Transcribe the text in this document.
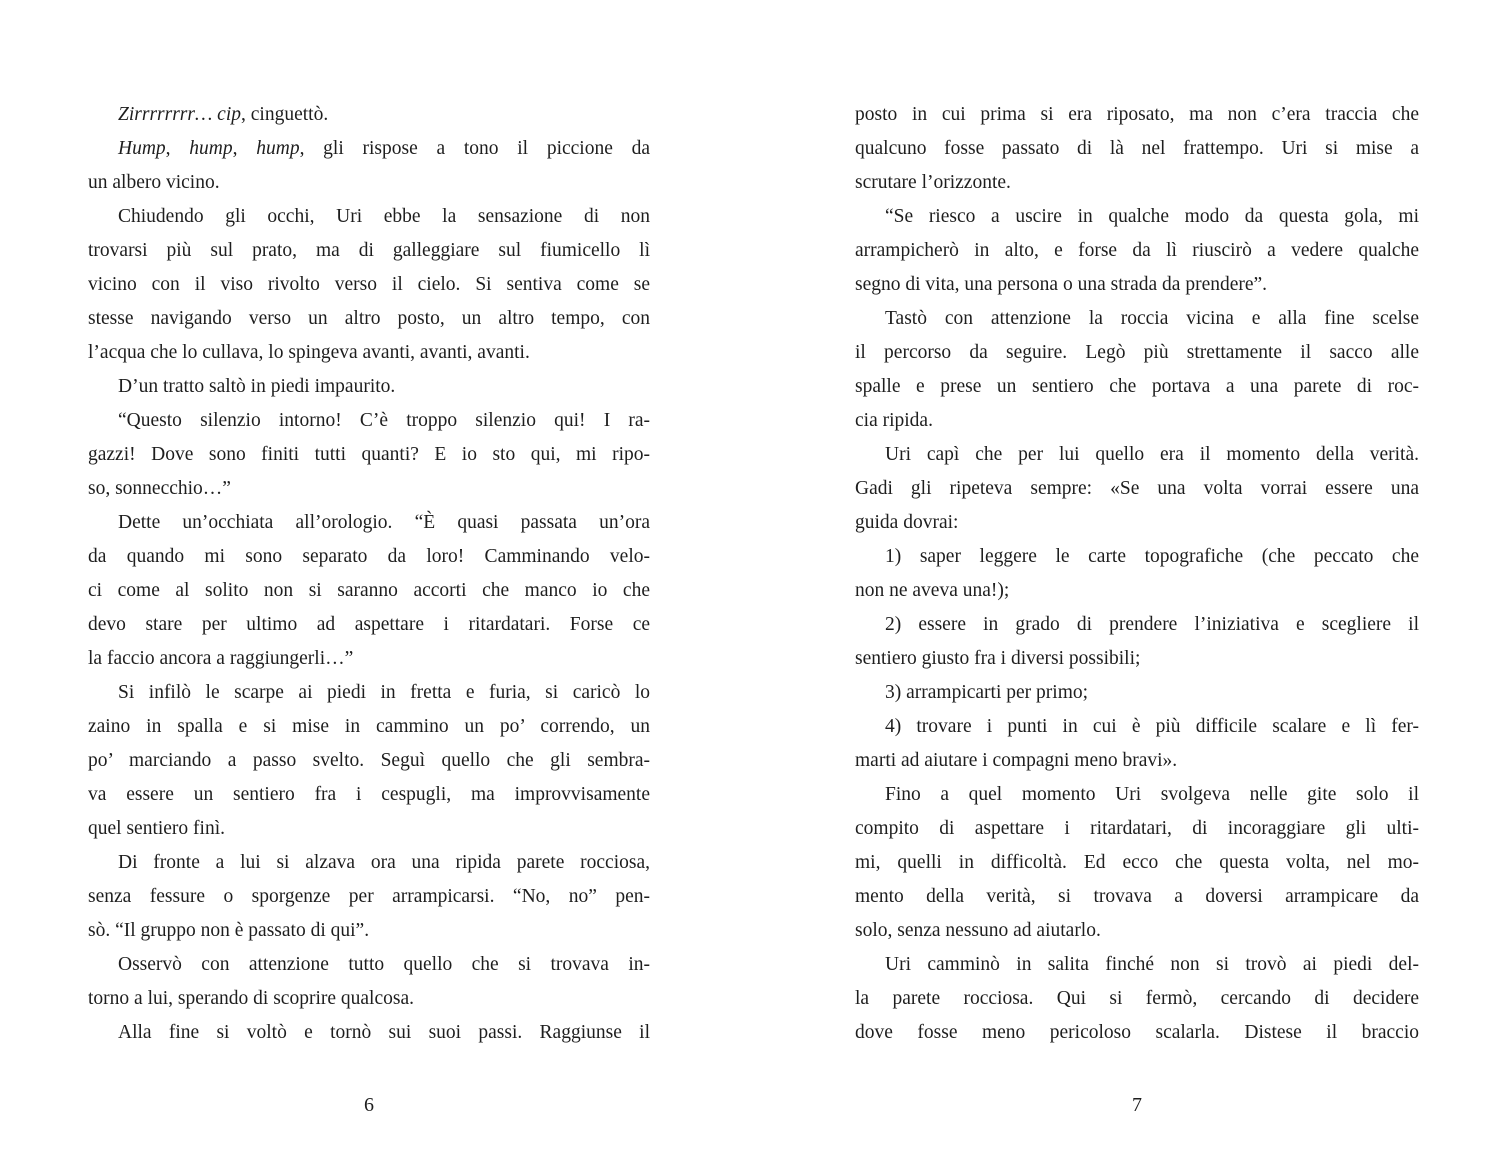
Zirrrrrrrr… cip, cinguettò.
Hump, hump, hump, gli rispose a tono il piccione da
un albero vicino.
Chiudendo gli occhi, Uri ebbe la sensazione di non
trovarsi più sul prato, ma di galleggiare sul fiumicello lì
vicino con il viso rivolto verso il cielo. Si sentiva come se
stesse navigando verso un altro posto, un altro tempo, con
l’acqua che lo cullava, lo spingeva avanti, avanti, avanti.
D’un tratto saltò in piedi impaurito.
“Questo silenzio intorno! C’è troppo silenzio qui! I ra-
gazzi! Dove sono finiti tutti quanti? E io sto qui, mi ripo-
so, sonnecchio…”
Dette un’occhiata all’orologio. “È quasi passata un’ora
da quando mi sono separato da loro! Camminando velo-
ci come al solito non si saranno accorti che manco io che
devo stare per ultimo ad aspettare i ritardatari. Forse ce
la faccio ancora a raggiungerli…”
Si infilò le scarpe ai piedi in fretta e furia, si caricò lo
zaino in spalla e si mise in cammino un po’ correndo, un
po’ marciando a passo svelto. Seguì quello che gli sembra-
va essere un sentiero fra i cespugli, ma improvvisamente
quel sentiero finì.
Di fronte a lui si alzava ora una ripida parete rocciosa,
senza fessure o sporgenze per arrampicarsi. “No, no” pen-
sò. “Il gruppo non è passato di qui”.
Osservò con attenzione tutto quello che si trovava in-
torno a lui, sperando di scoprire qualcosa.
Alla fine si voltò e tornò sui suoi passi. Raggiunse il
posto in cui prima si era riposato, ma non c’era traccia che
qualcuno fosse passato di là nel frattempo. Uri si mise a
scrutare l’orizzonte.
“Se riesco a uscire in qualche modo da questa gola, mi
arrampicherò in alto, e forse da lì riuscirò a vedere qualche
segno di vita, una persona o una strada da prendere”.
Tastò con attenzione la roccia vicina e alla fine scelse
il percorso da seguire. Legò più strettamente il sacco alle
spalle e prese un sentiero che portava a una parete di roc-
cia ripida.
Uri capì che per lui quello era il momento della verità.
Gadi gli ripeteva sempre: «Se una volta vorrai essere una
guida dovrai:
1) saper leggere le carte topografiche (che peccato che
non ne aveva una!);
2) essere in grado di prendere l’iniziativa e scegliere il
sentiero giusto fra i diversi possibili;
3) arrampicarti per primo;
4) trovare i punti in cui è più difficile scalare e lì fer-
marti ad aiutare i compagni meno bravi».
Fino a quel momento Uri svolgeva nelle gite solo il
compito di aspettare i ritardatari, di incoraggiare gli ulti-
mi, quelli in difficoltà. Ed ecco che questa volta, nel mo-
mento della verità, si trovava a doversi arrampicare da
solo, senza nessuno ad aiutarlo.
Uri camminò in salita finché non si trovò ai piedi del-
la parete rocciosa. Qui si fermò, cercando di decidere
dove fosse meno pericoloso scalarla. Distese il braccio
6	7
